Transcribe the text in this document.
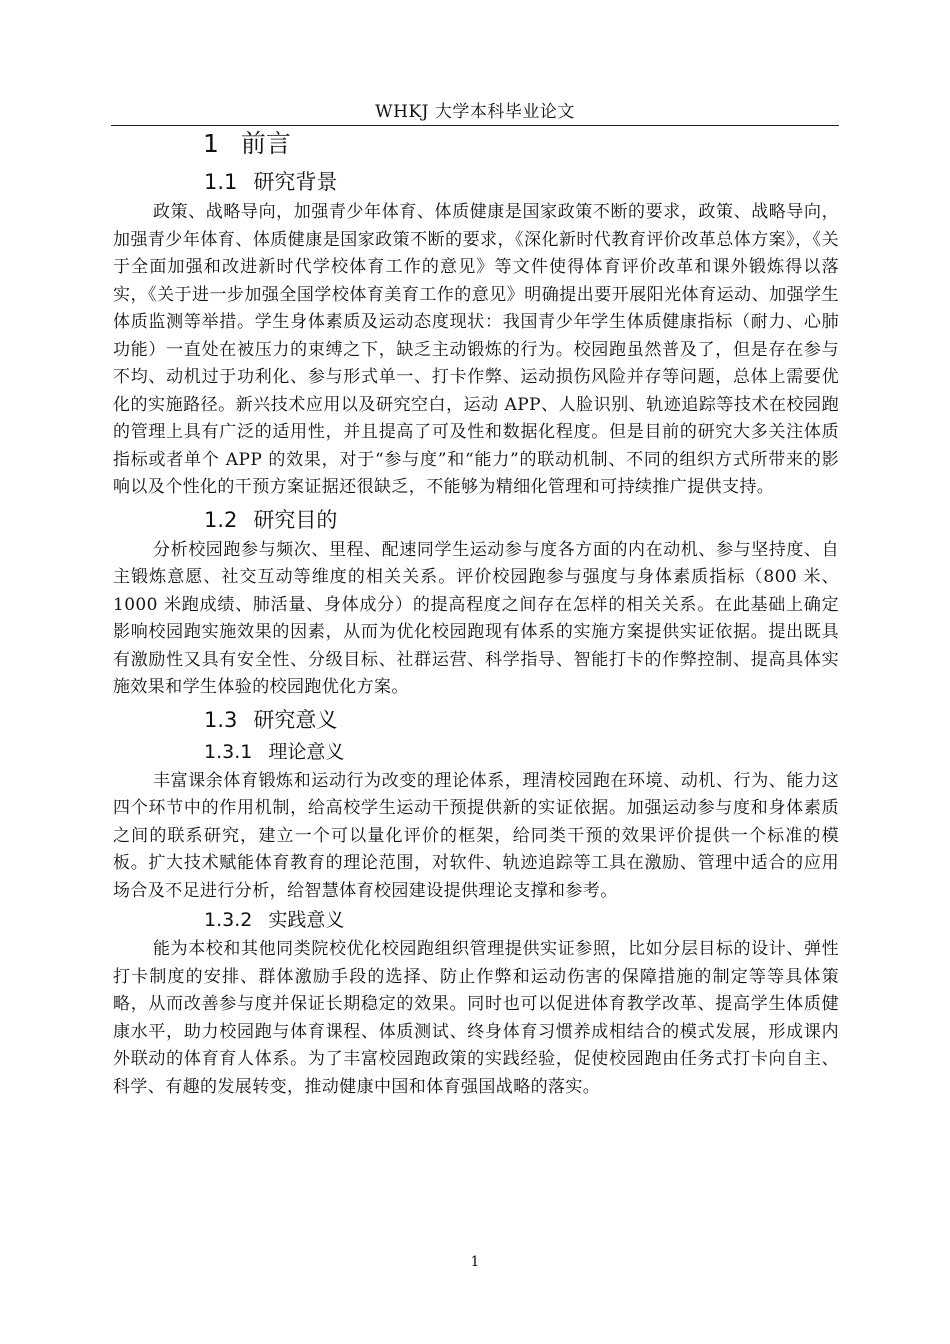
WHKJ 大学本科毕业论文
1 前言
1.1 研究背景

政策、战略导向，加强青少年体育、体质健康是国家政策不断的要求，政策、战略导向，加强青少年体育、体质健康是国家政策不断的要求，《深化新时代教育评价改革总体方案》，《关于全面加强和改进新时代学校体育工作的意见》等文件使得体育评价改革和课外锻炼得以落实，《关于进一步加强全国学校体育美育工作的意见》明确提出要开展阳光体育运动、加强学生体质监测等举措。学生身体素质及运动态度现状：我国青少年学生体质健康指标（耐力、心肺功能）一直处在被压力的束缚之下，缺乏主动锻炼的行为。校园跑虽然普及了，但是存在参与不均、动机过于功利化、参与形式单一、打卡作弊、运动损伤风险并存等问题，总体上需要优化的实施路径。新兴技术应用以及研究空白，运动 APP、人脸识别、轨迹追踪等技术在校园跑的管理上具有广泛的适用性，并且提高了可及性和数据化程度。但是目前的研究大多关注体质指标或者单个 APP 的效果，对于“参与度”和“能力”的联动机制、不同的组织方式所带来的影响以及个性化的干预方案证据还很缺乏，不能够为精细化管理和可持续推广提供支持。

1.2 研究目的

分析校园跑参与频次、里程、配速同学生运动参与度各方面的内在动机、参与坚持度、自主锻炼意愿、社交互动等维度的相关关系。评价校园跑参与强度与身体素质指标（800 米、1000 米跑成绩、肺活量、身体成分）的提高程度之间存在怎样的相关关系。在此基础上确定影响校园跑实施效果的因素，从而为优化校园跑现有体系的实施方案提供实证依据。提出既具有激励性又具有安全性、分级目标、社群运营、科学指导、智能打卡的作弊控制、提高具体实施效果和学生体验的校园跑优化方案。

1.3 研究意义
1.3.1 理论意义

丰富课余体育锻炼和运动行为改变的理论体系，理清校园跑在环境、动机、行为、能力这四个环节中的作用机制，给高校学生运动干预提供新的实证依据。加强运动参与度和身体素质之间的联系研究，建立一个可以量化评价的框架，给同类干预的效果评价提供一个标准的模板。扩大技术赋能体育教育的理论范围，对软件、轨迹追踪等工具在激励、管理中适合的应用场合及不足进行分析，给智慧体育校园建设提供理论支撑和参考。

1.3.2 实践意义

能为本校和其他同类院校优化校园跑组织管理提供实证参照，比如分层目标的设计、弹性打卡制度的安排、群体激励手段的选择、防止作弊和运动伤害的保障措施的制定等等具体策略，从而改善参与度并保证长期稳定的效果。同时也可以促进体育教学改革、提高学生体质健康水平，助力校园跑与体育课程、体质测试、终身体育习惯养成相结合的模式发展，形成课内外联动的体育育人体系。为了丰富校园跑政策的实践经验，促使校园跑由任务式打卡向自主、科学、有趣的发展转变，推动健康中国和体育强国战略的落实。

1
